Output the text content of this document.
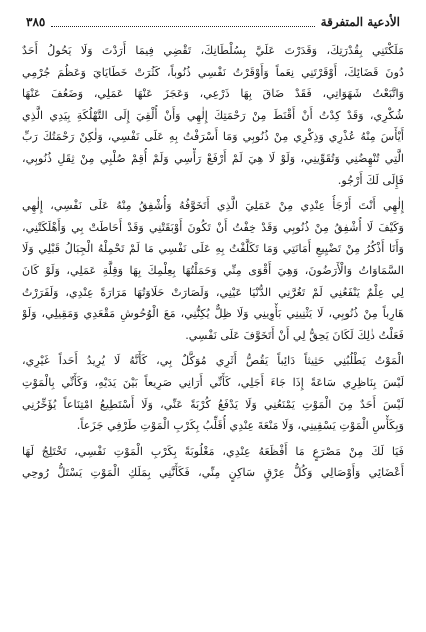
الأدعية المتفرقة
٣٨٥

مَلَكْتَنِي بِقُدْرَتِكَ، وَقَدَرْتَ عَلَيَّ بِسُلْطَانِكَ، تَقْضِي فِيمَا أَرَدْتَ وَلَا يَحُولُ أَحَدٌ
دُونَ قَضَائِكَ، أَوْقَرْتَنِي نِعَماً وَأَوْقَرْتُ نَفْسِي ذُنُوباً، كَثُرَتْ خَطَايَايَ وَعَظُمَ جُرْمِي
وَاتَّبَعْتُ شَهَوَاتِي، فَقَدْ ضَاقَ بِهَا ذَرْعِي، وَعَجَزَ عَنْهَا عَمَلِي، وَضَعُفَ عَنْهَا
شُكْرِي، وَقَدْ كِدْتُ أَنْ أَقْنَطَ مِنْ رَحْمَتِكَ إِلٰهِي وَأَنْ أُلْقِيَ إِلَى التَّهْلُكَةِ بِيَدِي الَّذِي
أَيْأَسَ مِنْهُ عُذْرِي وَذِكْرِي مِنْ ذُنُوبِي وَمَا أَسْرَفْتُ بِهِ عَلَى نَفْسِي، وَلٰكِنْ رَحْمَتُكَ رَبِّ
الَّتِي تُنْهِضُنِي وَتُقَوِّينِي، وَلَوْ لَا هِيَ لَمْ أَرْفَعْ رَأْسِي وَلَمْ أُقِمْ صُلْبِي مِنْ ثِقَلِ ذُنُوبِي،
فَإِلَى لَكَ أَرْجُو.

إِلٰهِي أَنْتَ أَرْجَأُ عِنْدِي مِنْ عَمَلِيَ الَّذِي أَتَخَوَّفُهُ وَأُشْفِقُ مِنْهُ عَلَى نَفْسِي، إِلٰهِي
وَكَيْفَ لَا أُشْفِقُ مِنْ ذُنُوبِي وَقَدْ خِفْتُ أَنْ تَكُونَ أَوْبَقَتْنِي وَقَدْ أَحَاطَتْ بِي وَأَهْلَكَتْنِي،
وَأَنَا أَذْكُرُ مِنْ تَضْيِيعِ أَمَانَتِي وَمَا تَكَلَّفْتُ بِهِ عَلَى نَفْسِي مَا لَمْ تَحْمِلْهُ الْجِبَالُ قَبْلِي وَلَا
السَّمَاوَاتُ وَالْأَرَضُونَ، وَهِيَ أَقْوَى مِنِّي وَحَمَلْتُهَا بِعِلْمِكَ بِهَا وَقِلَّةِ عَمَلِي، وَلَوْ كَانَ
لِي عِلْمٌ يَنْفَعُنِي لَمْ تَغُرَّنِي الدُّنْيَا عَيْنِي، وَلَصَارَتْ حَلَاوَتُهَا مَرَارَةً عِنْدِي، وَلَفَرَرْتُ
هَارِباً مِنْ ذُنُوبِي، لَا يَثْنِينِي بَأْوِينِي وَلَا ظِلٌّ يُكِنُّنِي، مَعَ الْوُحُوشِ مَقْعَدِي وَمَقِيلِي، وَلَوْ
فَعَلْتُ ذٰلِكَ لَكَانَ يَحِقُّ لِي أَنْ أَتَخَوَّفَ عَلَى نَفْسِي.

الْمَوْتُ يَطْلُبُنِي حَثِيثاً دَائِباً يَقُصُّ أَثَرِي مُوَكَّلٌ بِي، كَأَنَّهُ لَا يُرِيدُ أَحَداً غَيْرِي،
لَيْسَ بِنَاظِرِي سَاعَةً إِذَا جَاءَ أَجَلِي، كَأَنِّي أَرَانِي صَرِيعاً بَيْنَ يَدَيْهِ، وَكَأَنِّي بِالْمَوْتِ
لَيْسَ أَحَدٌ مِنَ الْمَوْتِ يَمْنَعُنِي وَلَا يَدْفَعُ كُرْبَةً عَنِّي، وَلَا أَسْتَطِيعُ امْتِنَاعاً يُؤَخِّرُنِي
وَبِكَأْسِ الْمَوْتِ يَسْقِينِي، وَلَا مَنْعَةَ عِنْدِي أُقَلِّبُ بِكَرْبِ الْمَوْتِ طَرْفِي جَزَعاً.

فَيَا لَكَ مِنْ مَصْرَعٍ مَا أَفْظَعَهُ عِنْدِي، مَغْلُوبَةً بِكَرْبِ الْمَوْتِ نَفْسِي، تَخْتَلِجُ لَهَا
أَعْضَائِي وَأَوْصَالِي وَكُلُّ عِرْقٍ سَاكِنٍ مِنِّي، فَكَأَنَّنِي بِمَلَكِ الْمَوْتِ يَسْتَلُّ رُوحِي
